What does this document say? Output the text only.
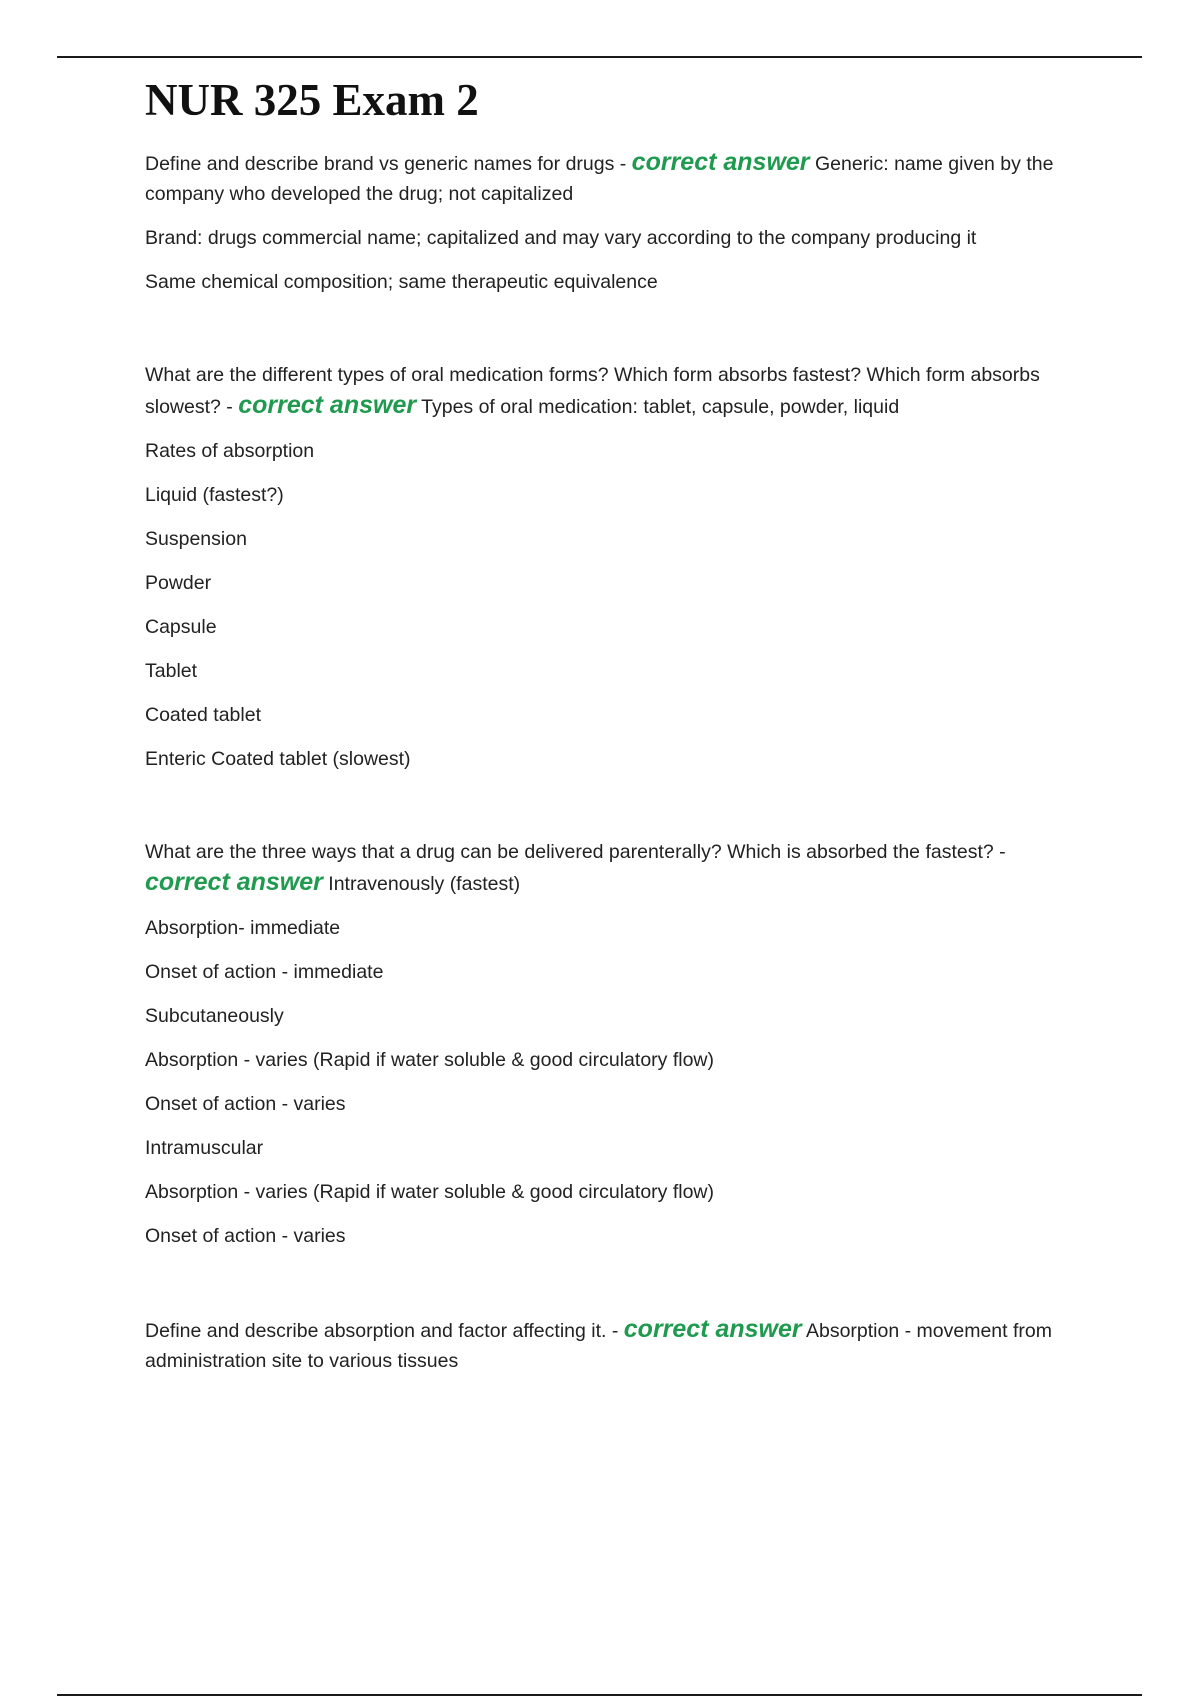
NUR 325 Exam 2

Define and describe brand vs generic names for drugs - correct answer Generic: name given by the company who developed the drug; not capitalized

Brand: drugs commercial name; capitalized and may vary according to the company producing it

Same chemical composition; same therapeutic equivalence

What are the different types of oral medication forms? Which form absorbs fastest? Which form absorbs slowest? - correct answer Types of oral medication: tablet, capsule, powder, liquid

Rates of absorption

Liquid (fastest?)

Suspension

Powder

Capsule

Tablet

Coated tablet

Enteric Coated tablet (slowest)

What are the three ways that a drug can be delivered parenterally? Which is absorbed the fastest? - correct answer Intravenously (fastest)

Absorption- immediate

Onset of action - immediate

Subcutaneously

Absorption - varies (Rapid if water soluble & good circulatory flow)

Onset of action - varies

Intramuscular

Absorption - varies (Rapid if water soluble & good circulatory flow)

Onset of action - varies

Define and describe absorption and factor affecting it. - correct answer Absorption - movement from administration site to various tissues
